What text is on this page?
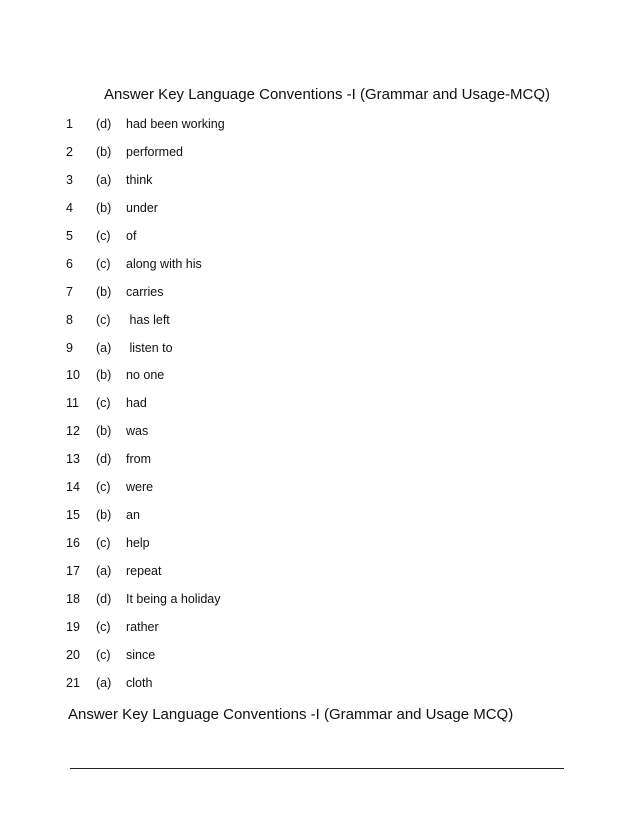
Answer Key Language Conventions -I (Grammar and Usage-MCQ)
1 (d) had been working
2 (b) performed
3 (a) think
4 (b) under
5 (c) of
6 (c) along with his
7 (b) carries
8 (c) has left
9 (a) listen to
10 (b) no one
11 (c) had
12 (b) was
13 (d) from
14 (c) were
15 (b) an
16 (c) help
17 (a) repeat
18 (d) It being a holiday
19 (c) rather
20 (c) since
21 (a) cloth
Answer Key Language Conventions -I (Grammar and Usage MCQ)
